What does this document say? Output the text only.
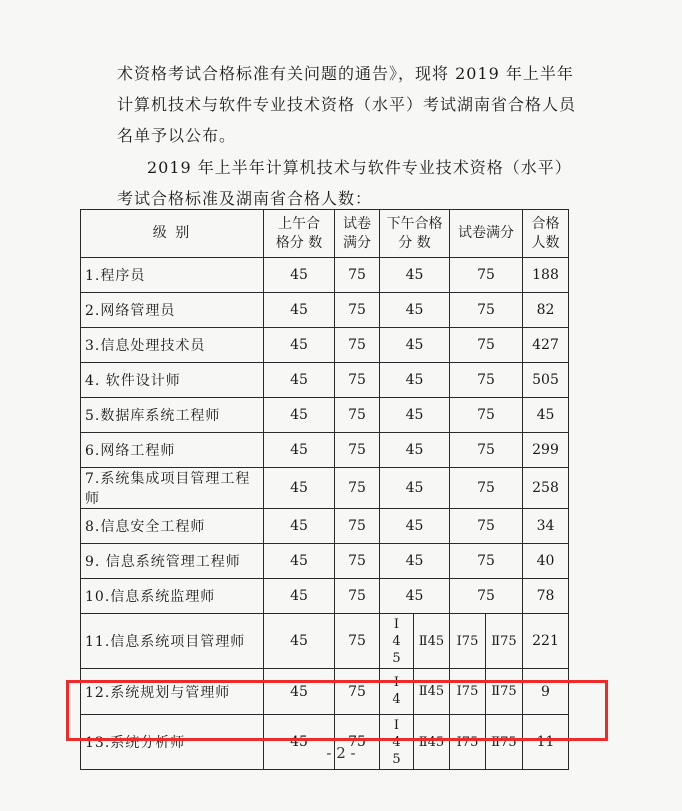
术资格考试合格标准有关问题的通告》，现将 2019 年上半年计算机技术与软件专业技术资格（水平）考试湖南省合格人员名单予以公布。
2019 年上半年计算机技术与软件专业技术资格（水平）考试合格标准及湖南省合格人数：
级 别	上午合格分 数	试卷满分	下午合格分 数		试卷满分		合格人数

1.程序员	45	75	45		75		188
2.网络管理员	45	75	45		75		82
3.信息处理技术员	45	75	45		75		427
4. 软件设计师	45	75	45		75		505
5.数据库系统工程师	45	75	45		75		45
6.网络工程师	45	75	45		75		299
7.系统集成项目管理工程师	45	75	45		75		258
8.信息安全工程师	45	75	45		75		34
9. 信息系统管理工程师	45	75	45		75		40
10.信息系统监理师	45	75	45		75		78
11.信息系统项目管理师	45	75	Ⅰ 45	Ⅱ45	Ⅰ75	Ⅱ75	221
12.系统规划与管理师	45	75	Ⅰ 4	Ⅱ45	Ⅰ75	Ⅱ75	9
13.系统分析师	45	75	Ⅰ 45	Ⅱ45	Ⅰ75	Ⅱ75	11
- 2 -
